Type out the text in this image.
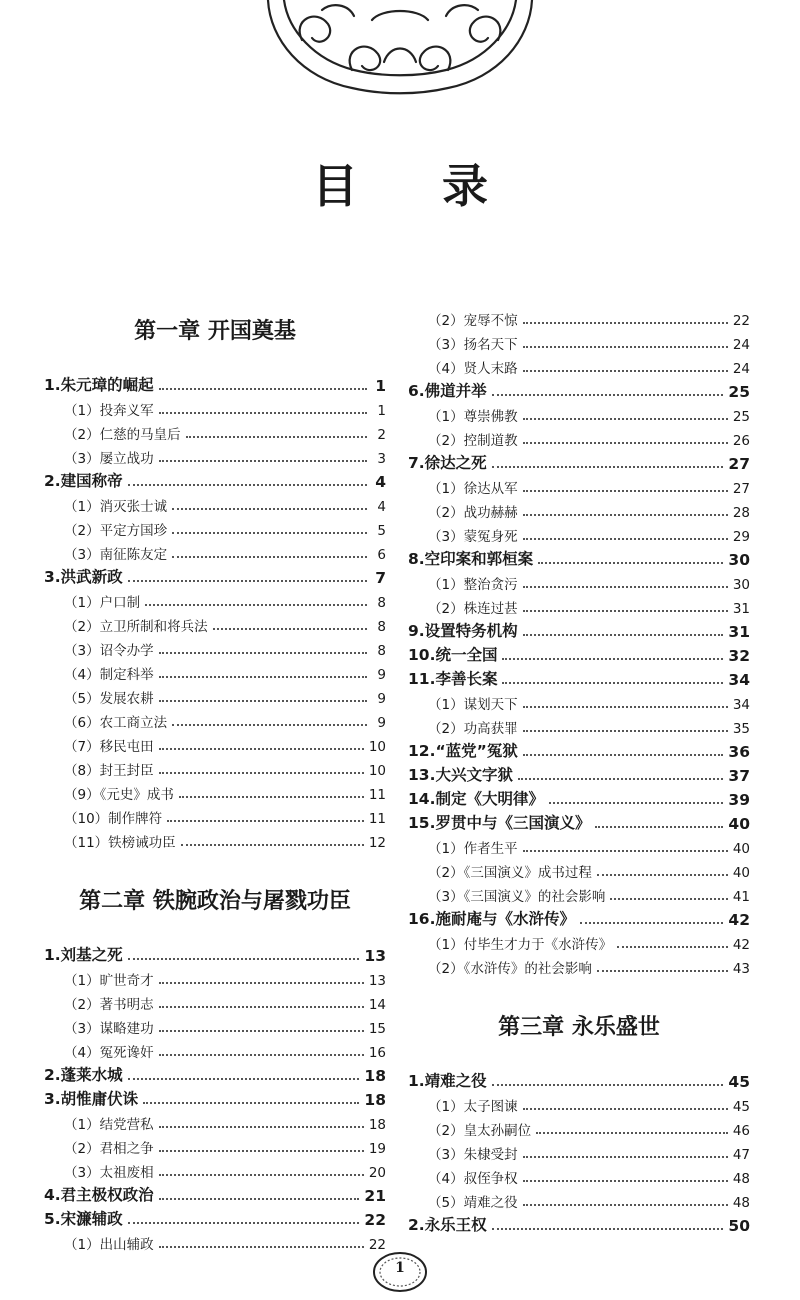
目 录
第一章 开国奠基
1.朱元璋的崛起	1
（1）投奔义军	1
（2）仁慈的马皇后	2
（3）屡立战功	3
2.建国称帝	4
（1）消灭张士诚	4
（2）平定方国珍	5
（3）南征陈友定	6
3.洪武新政	7
（1）户口制	8
（2）立卫所制和将兵法	8
（3）诏令办学	8
（4）制定科举	9
（5）发展农耕	9
（6）农工商立法	9
（7）移民屯田	10
（8）封王封臣	10
（9）《元史》成书	11
（10）制作牌符	11
（11）铁榜诫功臣	12
第二章 铁腕政治与屠戮功臣
1.刘基之死	13
（1）旷世奇才	13
（2）著书明志	14
（3）谋略建功	15
（4）冤死谗奸	16
2.蓬莱水城	18
3.胡惟庸伏诛	18
（1）结党营私	18
（2）君相之争	19
（3）太祖废相	20
4.君主极权政治	21
5.宋濂辅政	22
（1）出山辅政	22
（2）宠辱不惊	22
（3）扬名天下	24
（4）贤人末路	24
6.佛道并举	25
（1）尊崇佛教	25
（2）控制道教	26
7.徐达之死	27
（1）徐达从军	27
（2）战功赫赫	28
（3）蒙冤身死	29
8.空印案和郭桓案	30
（1）整治贪污	30
（2）株连过甚	31
9.设置特务机构	31
10.统一全国	32
11.李善长案	34
（1）谋划天下	34
（2）功高获罪	35
12.“蓝党”冤狱	36
13.大兴文字狱	37
14.制定《大明律》	39
15.罗贯中与《三国演义》	40
（1）作者生平	40
（2）《三国演义》成书过程	40
（3）《三国演义》的社会影响	41
16.施耐庵与《水浒传》	42
（1）付毕生才力于《水浒传》	42
（2）《水浒传》的社会影响	43
第三章 永乐盛世
1.靖难之役	45
（1）太子图谏	45
（2）皇太孙嗣位	46
（3）朱棣受封	47
（4）叔侄争权	48
（5）靖难之役	48
2.永乐王权	50
1
